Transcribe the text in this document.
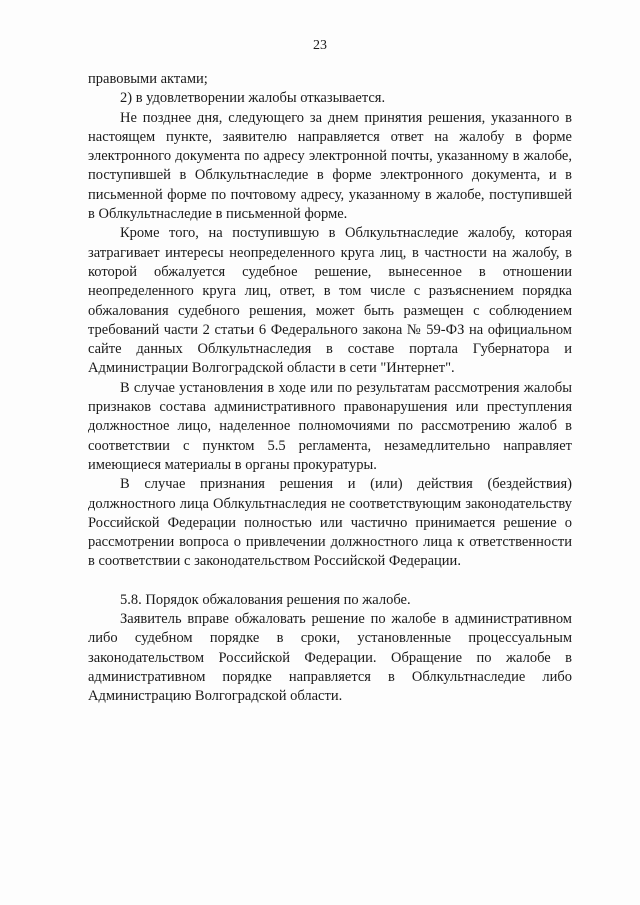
23

правовыми актами;

2) в удовлетворении жалобы отказывается.

Не позднее дня, следующего за днем принятия решения, указанного в настоящем пункте, заявителю направляется ответ на жалобу в форме электронного документа по адресу электронной почты, указанному в жалобе, поступившей в Облкультнаследие в форме электронного документа, и в письменной форме по почтовому адресу, указанному в жалобе, поступившей в Облкультнаследие в письменной форме.

Кроме того, на поступившую в Облкультнаследие жалобу, которая затрагивает интересы неопределенного круга лиц, в частности на жалобу, в которой обжалуется судебное решение, вынесенное в отношении неопределенного круга лиц, ответ, в том числе с разъяснением порядка обжалования судебного решения, может быть размещен с соблюдением требований части 2 статьи 6 Федерального закона № 59-ФЗ на официальном сайте данных Облкультнаследия в составе портала Губернатора и Администрации Волгоградской области в сети "Интернет".

В случае установления в ходе или по результатам рассмотрения жалобы признаков состава административного правонарушения или преступления должностное лицо, наделенное полномочиями по рассмотрению жалоб в соответствии с пунктом 5.5 регламента, незамедлительно направляет имеющиеся материалы в органы прокуратуры.

В случае признания решения и (или) действия (бездействия) должностного лица Облкультнаследия не соответствующим законодательству Российской Федерации полностью или частично принимается решение о рассмотрении вопроса о привлечении должностного лица к ответственности в соответствии с законодательством Российской Федерации.

5.8. Порядок обжалования решения по жалобе.

Заявитель вправе обжаловать решение по жалобе в административном либо судебном порядке в сроки, установленные процессуальным законодательством Российской Федерации. Обращение по жалобе в административном порядке направляется в Облкультнаследие либо Администрацию Волгоградской области.
